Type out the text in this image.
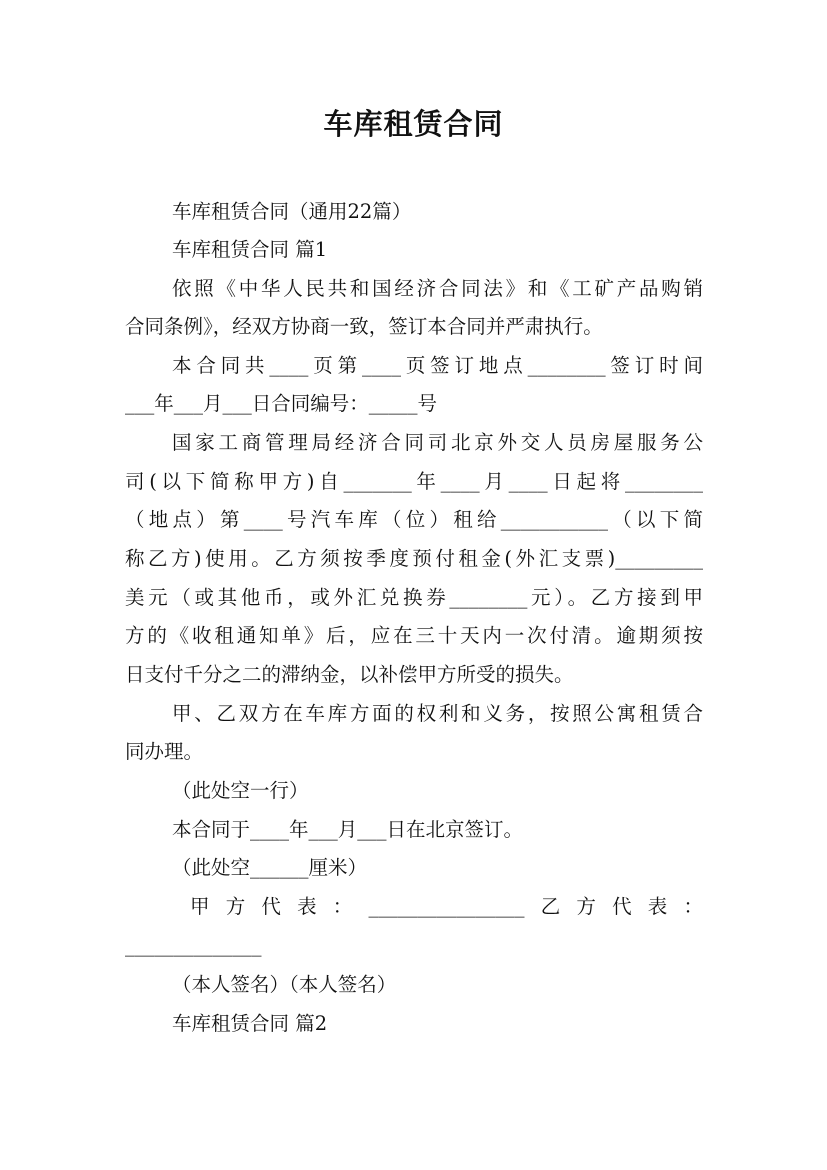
车库租赁合同
车库租赁合同（通用22篇）
车库租赁合同 篇1
依照《中华人民共和国经济合同法》和《工矿产品购销
合同条例》，经双方协商一致，签订本合同并严肃执行。
本合同共____页第____页签订地点________签订时间
___年___月___日合同编号：_____号
国家工商管理局经济合同司北京外交人员房屋服务公
司(以下简称甲方)自_______年____月____日起将________
（地点）第____号汽车库（位）租给___________（以下简
称乙方)使用。乙方须按季度预付租金(外汇支票)_________
美元（或其他币，或外汇兑换券________元）。乙方接到甲
方的《收租通知单》后，应在三十天内一次付清。逾期须按
日支付千分之二的滞纳金，以补偿甲方所受的损失。
甲、乙双方在车库方面的权利和义务，按照公寓租赁合
同办理。
（此处空一行）
本合同于____年___月___日在北京签订。
（此处空______厘米）
甲方代表：________________乙方代表：
______________
（本人签名）（本人签名）
车库租赁合同 篇2
